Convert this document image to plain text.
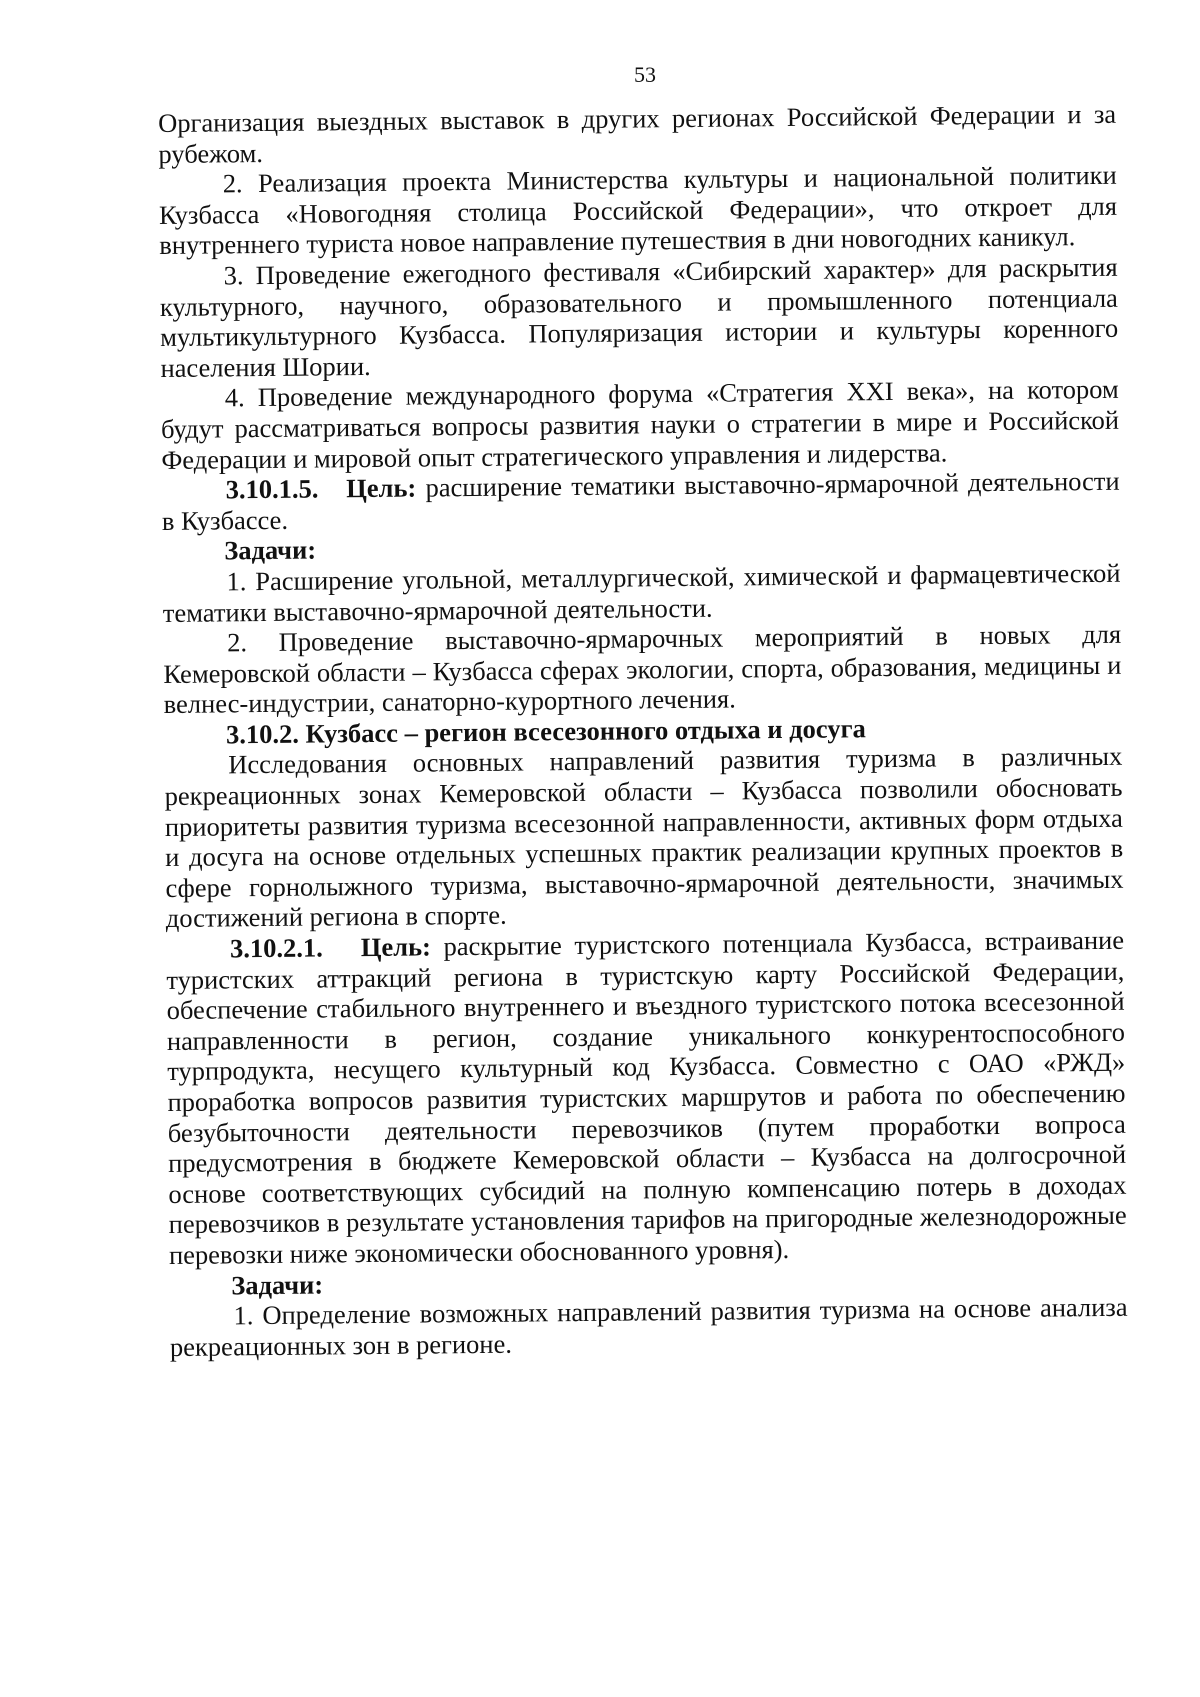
53

Организация выездных выставок в других регионах Российской Федерации и за рубежом.

2. Реализация проекта Министерства культуры и национальной политики Кузбасса «Новогодняя столица Российской Федерации», что откроет для внутреннего туриста новое направление путешествия в дни новогодних каникул.

3. Проведение ежегодного фестиваля «Сибирский характер» для раскрытия культурного, научного, образовательного и промышленного потенциала мультикультурного Кузбасса. Популяризация истории и культуры коренного населения Шории.

4. Проведение международного форума «Стратегия XXI века», на котором будут рассматриваться вопросы развития науки о стратегии в мире и Российской Федерации и мировой опыт стратегического управления и лидерства.

3.10.1.5. Цель: расширение тематики выставочно-ярмарочной деятельности в Кузбассе.

Задачи:

1. Расширение угольной, металлургической, химической и фармацевтической тематики выставочно-ярмарочной деятельности.

2. Проведение выставочно-ярмарочных мероприятий в новых для Кемеровской области – Кузбасса сферах экологии, спорта, образования, медицины и велнес-индустрии, санаторно-курортного лечения.

3.10.2. Кузбасс – регион всесезонного отдыха и досуга

Исследования основных направлений развития туризма в различных рекреационных зонах Кемеровской области – Кузбасса позволили обосновать приоритеты развития туризма всесезонной направленности, активных форм отдыха и досуга на основе отдельных успешных практик реализации крупных проектов в сфере горнолыжного туризма, выставочно-ярмарочной деятельности, значимых достижений региона в спорте.

3.10.2.1. Цель: раскрытие туристского потенциала Кузбасса, встраивание туристских аттракций региона в туристскую карту Российской Федерации, обеспечение стабильного внутреннего и въездного туристского потока всесезонной направленности в регион, создание уникального конкурентоспособного турпродукта, несущего культурный код Кузбасса. Совместно с ОАО «РЖД» проработка вопросов развития туристских маршрутов и работа по обеспечению безубыточности деятельности перевозчиков (путем проработки вопроса предусмотрения в бюджете Кемеровской области – Кузбасса на долгосрочной основе соответствующих субсидий на полную компенсацию потерь в доходах перевозчиков в результате установления тарифов на пригородные железнодорожные перевозки ниже экономически обоснованного уровня).

Задачи:

1. Определение возможных направлений развития туризма на основе анализа рекреационных зон в регионе.
